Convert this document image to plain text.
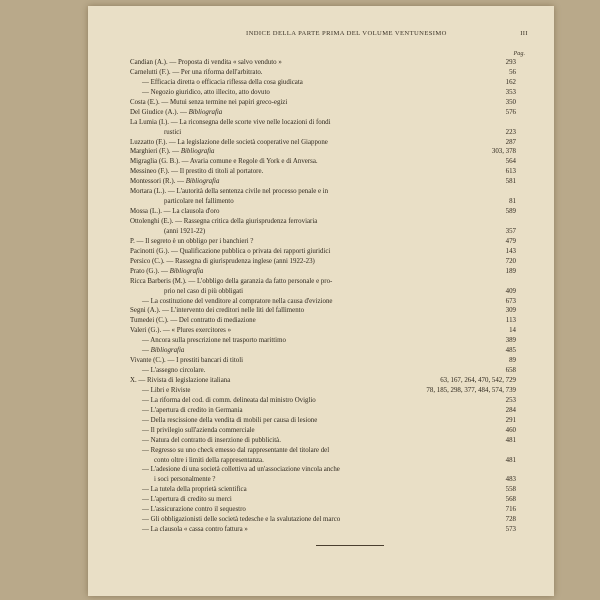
INDICE DELLA PARTE PRIMA DEL VOLUME VENTUNESIMO	III
Pag.
Candian (A.). — Proposta di vendita « salvo venduto »	293
Carnelutti (F.). — Per una riforma dell'arbitrato.	56
— Efficacia diretta o efficacia riflessa della cosa giudicata	162
— Negozio giuridico, atto illecito, atto dovuto	353
Costa (E.). — Mutui senza termine nei papiri greco-egizi	350
Del Giudice (A.). — Bibliografia	576
La Lumia (I.). — La riconsegna delle scorte vive nelle locazioni di fondi
rustici	223
Luzzatto (F.). — La legislazione delle società cooperative nel Giappone	287
Marghieri (F.). — Bibliografia	303, 378
Migraglia (G. B.). — Avaria comune e Regole di York e di Anversa.	564
Messineo (F.). — Il prestito di titoli al portatore.	613
Montessori (R.). — Bibliografia	581
Mortara (L.). — L'autorità della sentenza civile nel processo penale e in
particolare nel fallimento	81
Mossa (L.). — La clausola d'oro	589
Ottolenghi (E.). — Rassegna critica della giurisprudenza ferroviaria
(anni 1921-22)	357
P. — Il segreto è un obbligo per i banchieri ?	479
Pacinotti (G.). — Qualificazione pubblica o privata dei rapporti giuridici	143
Persico (C.). — Rassegna di giurisprudenza inglese (anni 1922-23)	720
Prato (G.). — Bibliografia	189
Ricca Barberis (M.). — L'obbligo della garanzia da fatto personale e pro-
prio nel caso di più obbligati	409
— La costituzione del venditore al compratore nella causa d'evizione	673
Segni (A.). — L'intervento dei creditori nelle liti del fallimento	309
Tumedei (C.). — Del contratto di mediazione	113
Valeri (G.). — « Plures exercitores »	14
— Ancora sulla prescrizione nel trasporto marittimo	389
— Bibliografia	485
Vivante (C.). — I prestiti bancari di titoli	89
— L'assegno circolare.	658
X. — Rivista di legislazione italiana	63, 167, 264, 470, 542, 729
— Libri e Riviste	78, 185, 298, 377, 484, 574, 739
— La riforma del cod. di comm. delineata dal ministro Oviglio	253
— L'apertura di credito in Germania	284
— Della rescissione della vendita di mobili per causa di lesione	291
— Il privilegio sull'azienda commerciale	460
— Natura del contratto di inserzione di pubblicità.	481
— Regresso su uno check emesso dal rappresentante del titolare del
conto oltre i limiti della rappresentanza.	481
— L'adesione di una società collettiva ad un'associazione vincola anche
i soci personalmente ?	483
— La tutela della proprietà scientifica	558
— L'apertura di credito su merci	568
— L'assicurazione contro il sequestro	716
— Gli obbligazionisti delle società tedesche e la svalutazione del marco	728
— La clausola « cassa contro fattura »	573
